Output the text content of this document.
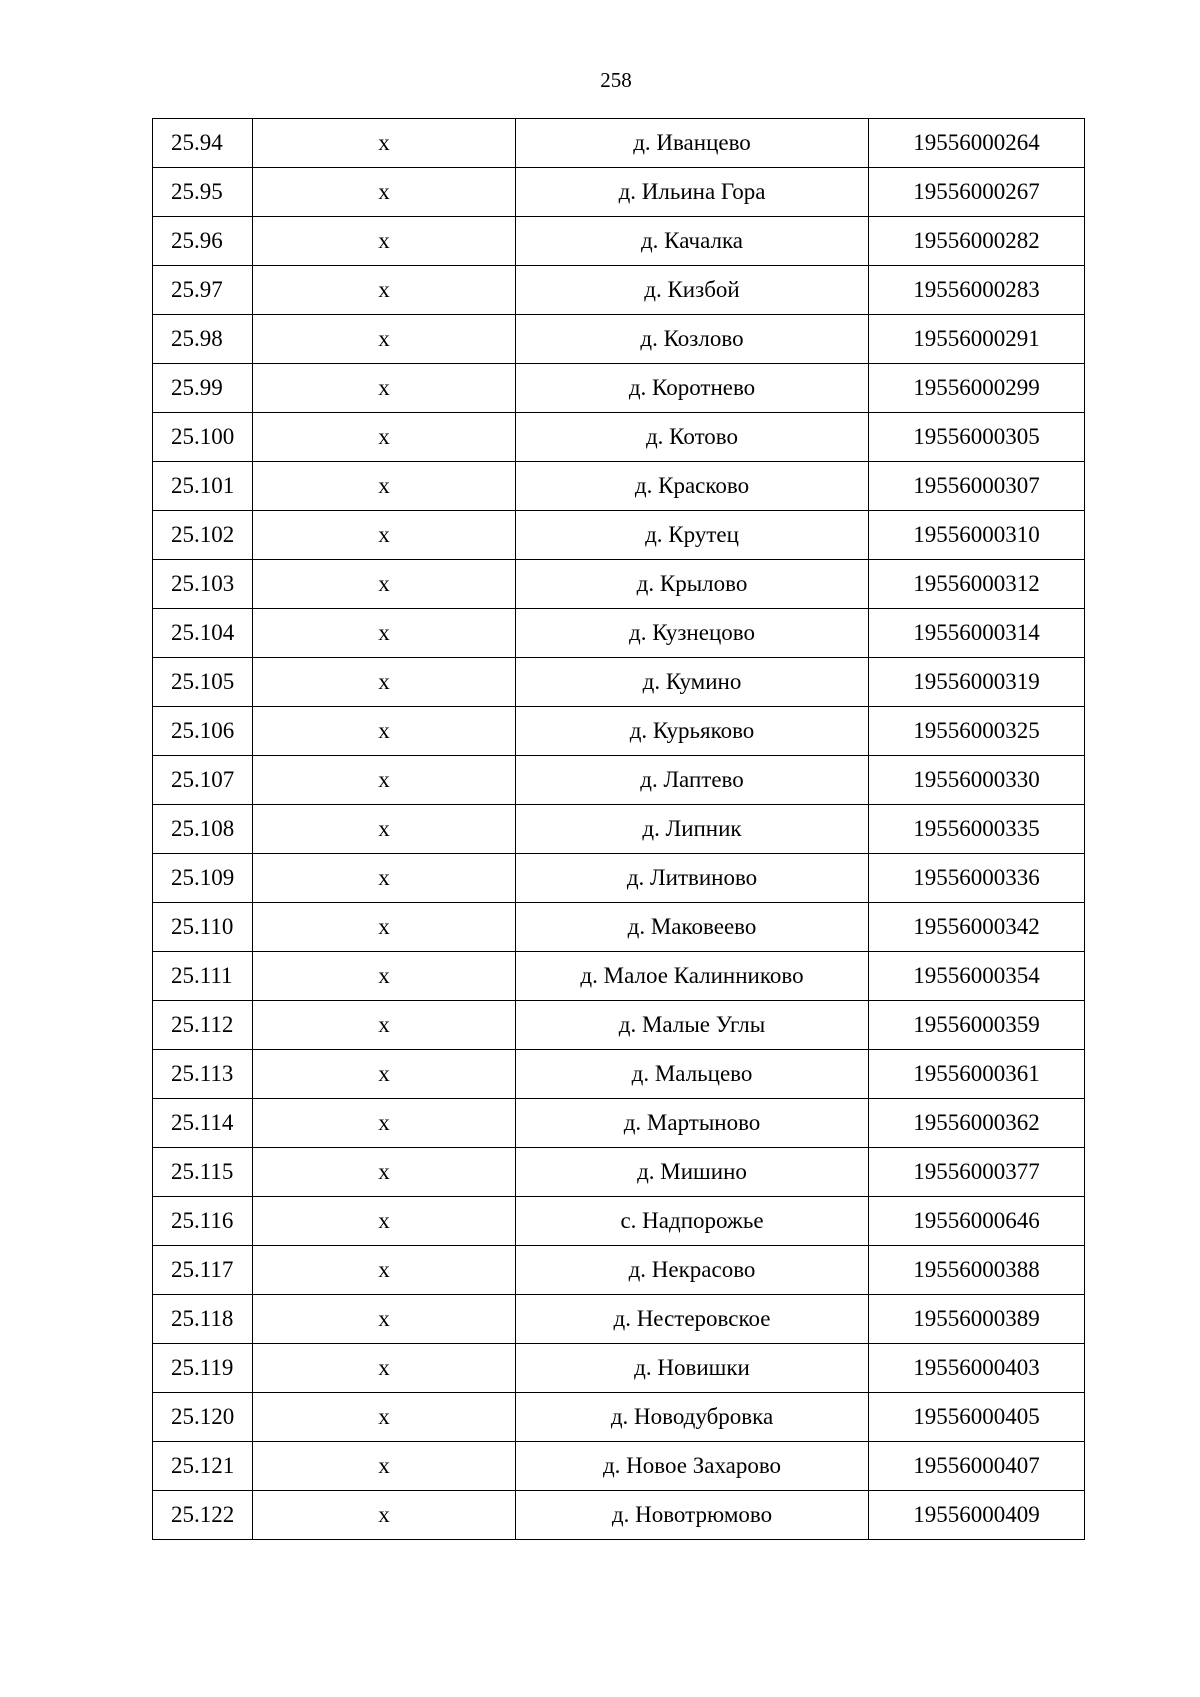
258
25.94	x	д. Иванцево	19556000264
25.95	x	д. Ильина Гора	19556000267
25.96	x	д. Качалка	19556000282
25.97	x	д. Кизбой	19556000283
25.98	x	д. Козлово	19556000291
25.99	x	д. Коротнево	19556000299
25.100	x	д. Котово	19556000305
25.101	x	д. Красково	19556000307
25.102	x	д. Крутец	19556000310
25.103	x	д. Крылово	19556000312
25.104	x	д. Кузнецово	19556000314
25.105	x	д. Кумино	19556000319
25.106	x	д. Курьяково	19556000325
25.107	x	д. Лаптево	19556000330
25.108	x	д. Липник	19556000335
25.109	x	д. Литвиново	19556000336
25.110	x	д. Маковеево	19556000342
25.111	x	д. Малое Калинниково	19556000354
25.112	x	д. Малые Углы	19556000359
25.113	x	д. Мальцево	19556000361
25.114	x	д. Мартыново	19556000362
25.115	x	д. Мишино	19556000377
25.116	x	с. Надпорожье	19556000646
25.117	x	д. Некрасово	19556000388
25.118	x	д. Нестеровское	19556000389
25.119	x	д. Новишки	19556000403
25.120	x	д. Новодубровка	19556000405
25.121	x	д. Новое Захарово	19556000407
25.122	x	д. Новотрюмово	19556000409
